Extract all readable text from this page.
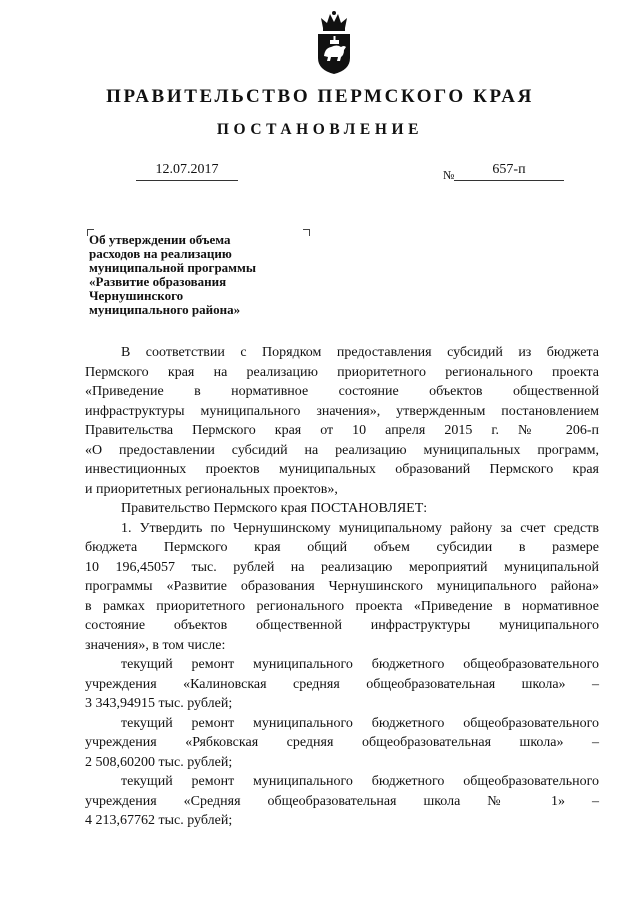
ПРАВИТЕЛЬСТВО ПЕРМСКОГО КРАЯ
ПОСТАНОВЛЕНИЕ
12.07.2017	№	657-п
Об утверждении объема
расходов на реализацию
муниципальной программы
«Развитие образования
Чернушинского
муниципального района»
В соответствии с Порядком предоставления субсидий из бюджета
Пермского края на реализацию приоритетного регионального проекта
«Приведение в нормативное состояние объектов общественной
инфраструктуры муниципального значения», утвержденным постановлением
Правительства Пермского края от 10 апреля 2015 г. № 206-п
«О предоставлении субсидий на реализацию муниципальных программ,
инвестиционных проектов муниципальных образований Пермского края
и приоритетных региональных проектов»,
Правительство Пермского края ПОСТАНОВЛЯЕТ:
1. Утвердить по Чернушинскому муниципальному району за счет средств
бюджета Пермского края общий объем субсидии в размере
10 196,45057 тыс. рублей на реализацию мероприятий муниципальной
программы «Развитие образования Чернушинского муниципального района»
в рамках приоритетного регионального проекта «Приведение в нормативное
состояние объектов общественной инфраструктуры муниципального
значения», в том числе:
текущий ремонт муниципального бюджетного общеобразовательного
учреждения «Калиновская средняя общеобразовательная школа» –
3 343,94915 тыс. рублей;
текущий ремонт муниципального бюджетного общеобразовательного
учреждения «Рябковская средняя общеобразовательная школа» –
2 508,60200 тыс. рублей;
текущий ремонт муниципального бюджетного общеобразовательного
учреждения «Средняя общеобразовательная школа № 1» –
4 213,67762 тыс. рублей;
